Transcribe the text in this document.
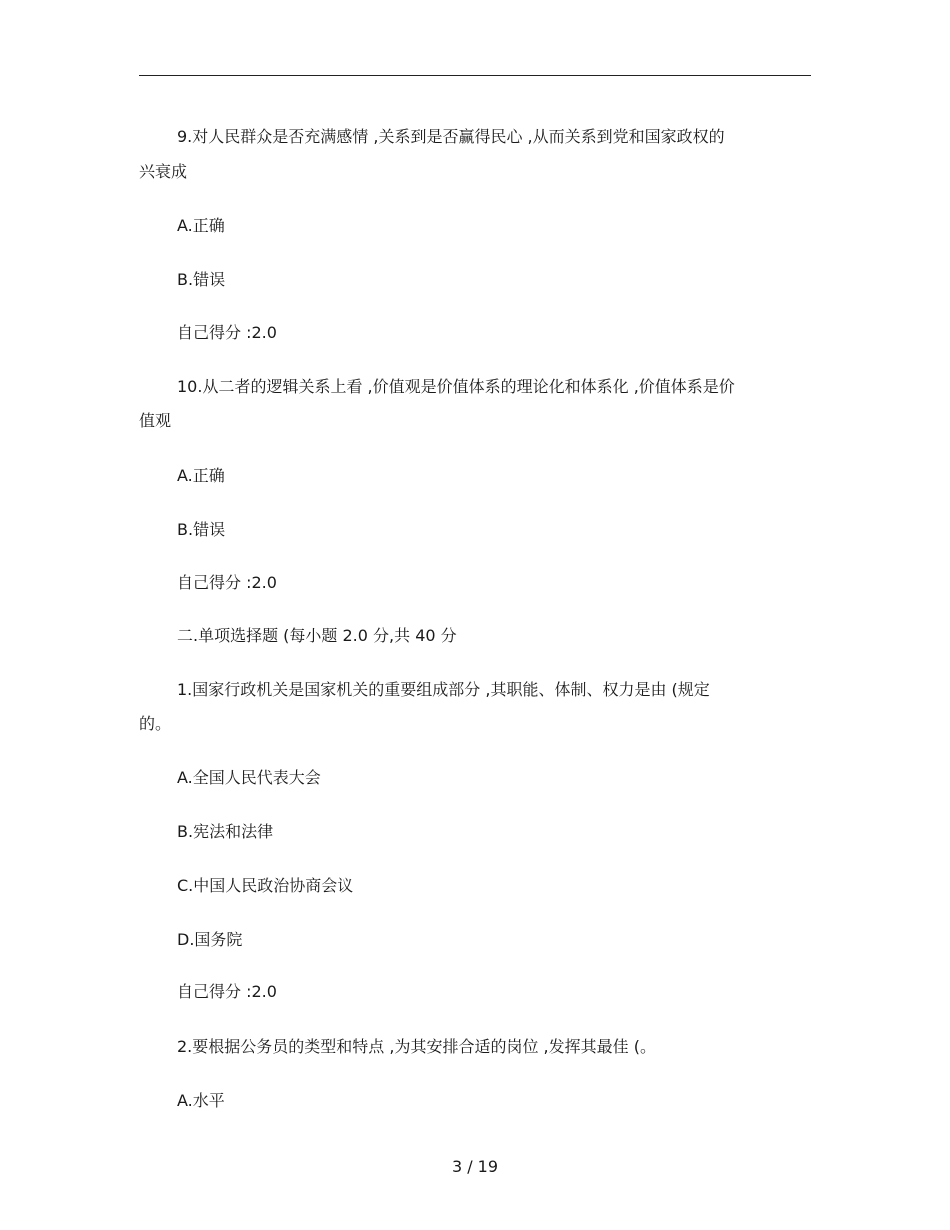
9.对人民群众是否充满感情 ,关系到是否赢得民心 ,从而关系到党和国家政权的
兴衰成
A.正确
B.错误
自己得分 :2.0
10.从二者的逻辑关系上看 ,价值观是价值体系的理论化和体系化 ,价值体系是价
值观
A.正确
B.错误
自己得分 :2.0
二.单项选择题 (每小题 2.0 分,共 40 分
1.国家行政机关是国家机关的重要组成部分 ,其职能、体制、权力是由 (规定
的。
A.全国人民代表大会
B.宪法和法律
C.中国人民政治协商会议
D.国务院
自己得分 :2.0
2.要根据公务员的类型和特点 ,为其安排合适的岗位 ,发挥其最佳 (。
A.水平
3 / 19
